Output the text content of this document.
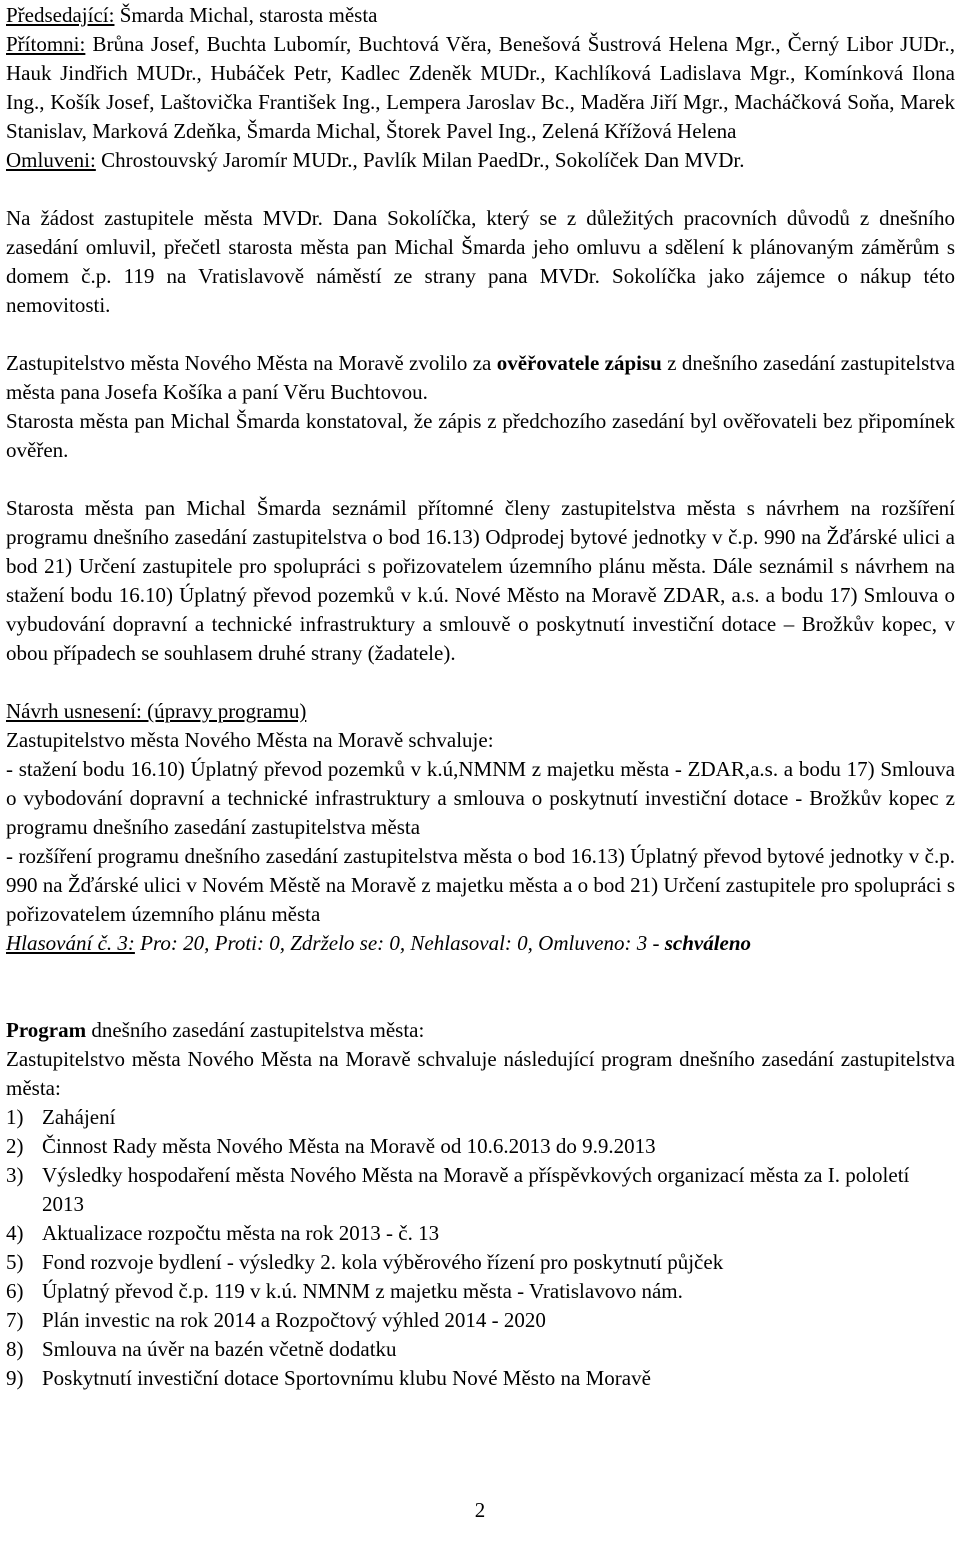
Předsedající: Šmarda Michal, starosta města

Přítomni: Brůna Josef, Buchta Lubomír, Buchtová Věra, Benešová Šustrová Helena Mgr., Černý Libor JUDr., Hauk Jindřich MUDr., Hubáček Petr, Kadlec Zdeněk MUDr., Kachlíková Ladislava Mgr., Komínková Ilona Ing., Košík Josef, Laštovička František Ing., Lempera Jaroslav Bc., Maděra Jiří Mgr., Macháčková Soňa, Marek Stanislav, Marková Zdeňka, Šmarda Michal, Štorek Pavel Ing., Zelená Křížová Helena

Omluveni: Chrostouvský Jaromír MUDr., Pavlík Milan PaedDr., Sokolíček Dan MVDr.

Na žádost zastupitele města MVDr. Dana Sokolíčka, který se z důležitých pracovních důvodů z dnešního zasedání omluvil, přečetl starosta města pan Michal Šmarda jeho omluvu a sdělení k plánovaným záměrům s domem č.p. 119 na Vratislavově náměstí ze strany pana MVDr. Sokolíčka jako zájemce o nákup této nemovitosti.

Zastupitelstvo města Nového Města na Moravě zvolilo za ověřovatele zápisu z dnešního zasedání zastupitelstva města pana Josefa Košíka a paní Věru Buchtovou.

Starosta města pan Michal Šmarda konstatoval, že zápis z předchozího zasedání byl ověřovateli bez připomínek ověřen.

Starosta města pan Michal Šmarda seznámil přítomné členy zastupitelstva města s návrhem na rozšíření programu dnešního zasedání zastupitelstva o bod 16.13) Odprodej bytové jednotky v č.p. 990 na Žďárské ulici a bod 21) Určení zastupitele pro spolupráci s pořizovatelem územního plánu města. Dále seznámil s návrhem na stažení bodu 16.10) Úplatný převod pozemků v k.ú. Nové Město na Moravě ZDAR, a.s. a bodu 17) Smlouva o vybudování dopravní a technické infrastruktury a smlouvě o poskytnutí investiční dotace – Brožkův kopec, v obou případech se souhlasem druhé strany (žadatele).

Návrh usnesení: (úpravy programu)

Zastupitelstvo města Nového Města na Moravě schvaluje:

- stažení bodu 16.10) Úplatný převod pozemků v k.ú,NMNM z majetku města - ZDAR,a.s. a bodu 17) Smlouva o vybodování dopravní a technické infrastruktury a smlouva o poskytnutí investiční dotace - Brožkův kopec z programu dnešního zasedání zastupitelstva města

- rozšíření programu dnešního zasedání zastupitelstva města o bod 16.13) Úplatný převod bytové jednotky v č.p. 990 na Žďárské ulici v Novém Městě na Moravě z majetku města a o bod 21) Určení zastupitele pro spolupráci s pořizovatelem územního plánu města

Hlasování č. 3: Pro: 20, Proti: 0, Zdrželo se: 0, Nehlasoval: 0, Omluveno: 3 - schváleno

Program dnešního zasedání zastupitelstva města:

Zastupitelstvo města Nového Města na Moravě schvaluje následující program dnešního zasedání zastupitelstva města:

1) Zahájení
2) Činnost Rady města Nového Města na Moravě od 10.6.2013 do 9.9.2013
3) Výsledky hospodaření města Nového Města na Moravě a příspěvkových organizací města za I. pololetí 2013
4) Aktualizace rozpočtu města na rok 2013 - č. 13
5) Fond rozvoje bydlení - výsledky 2. kola výběrového řízení pro poskytnutí půjček
6) Úplatný převod č.p. 119 v k.ú. NMNM z majetku města - Vratislavovo nám.
7) Plán investic na rok 2014 a Rozpočtový výhled 2014 - 2020
8) Smlouva na úvěr na bazén včetně dodatku
9) Poskytnutí investiční dotace Sportovnímu klubu Nové Město na Moravě
2
